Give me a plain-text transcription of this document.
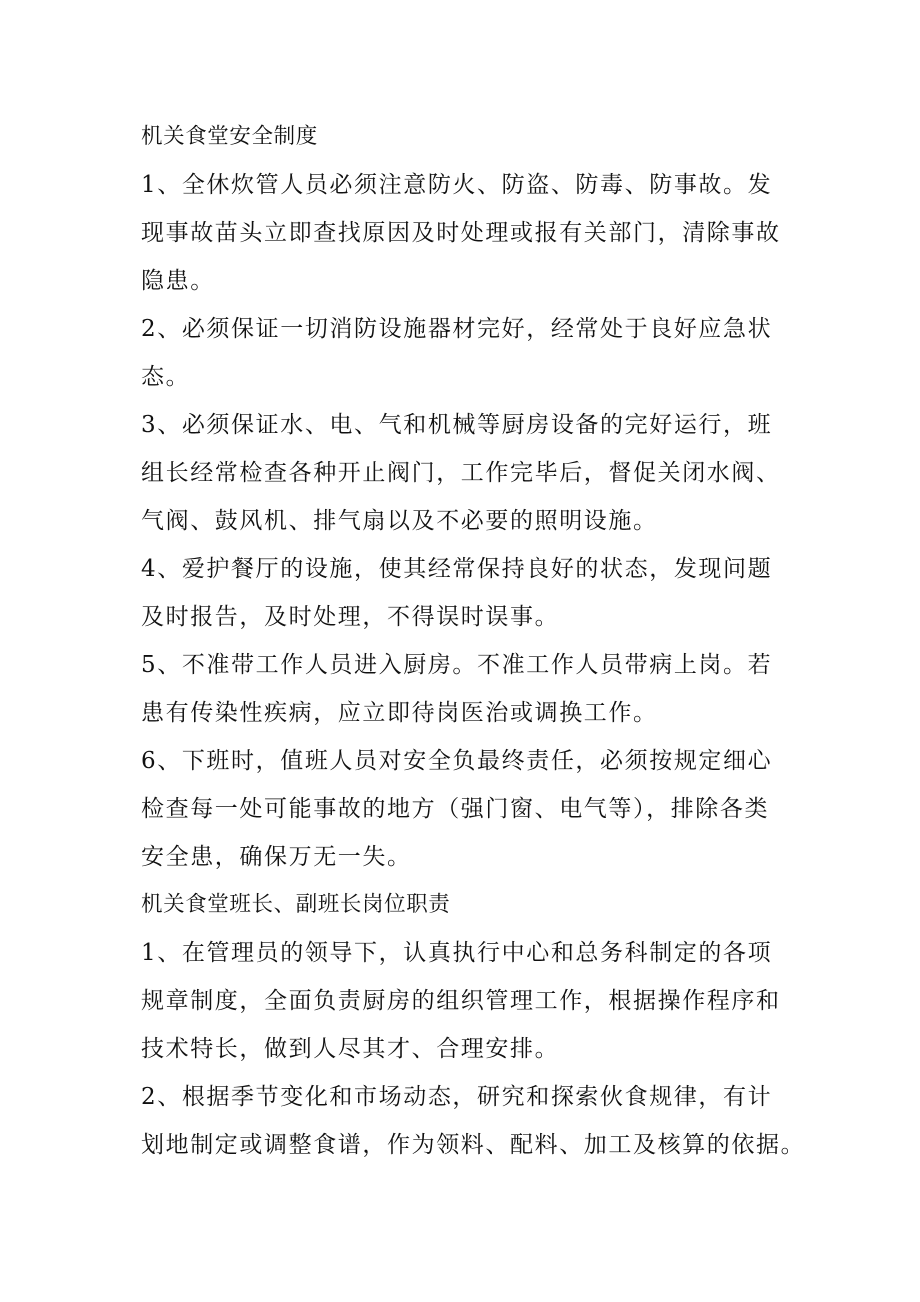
机关食堂安全制度
1、全休炊管人员必须注意防火、防盗、防毒、防事故。发
现事故苗头立即查找原因及时处理或报有关部门，清除事故
隐患。
2、必须保证一切消防设施器材完好，经常处于良好应急状
态。
3、必须保证水、电、气和机械等厨房设备的完好运行，班
组长经常检查各种开止阀门，工作完毕后，督促关闭水阀、
气阀、鼓风机、排气扇以及不必要的照明设施。
4、爱护餐厅的设施，使其经常保持良好的状态，发现问题
及时报告，及时处理，不得误时误事。
5、不准带工作人员进入厨房。不准工作人员带病上岗。若
患有传染性疾病，应立即待岗医治或调换工作。
6、下班时，值班人员对安全负最终责任，必须按规定细心
检查每一处可能事故的地方（强门窗、电气等），排除各类
安全患，确保万无一失。
机关食堂班长、副班长岗位职责
1、在管理员的领导下，认真执行中心和总务科制定的各项
规章制度，全面负责厨房的组织管理工作，根据操作程序和
技术特长，做到人尽其才、合理安排。
2、根据季节变化和市场动态，研究和探索伙食规律，有计
划地制定或调整食谱，作为领料、配料、加工及核算的依据。
